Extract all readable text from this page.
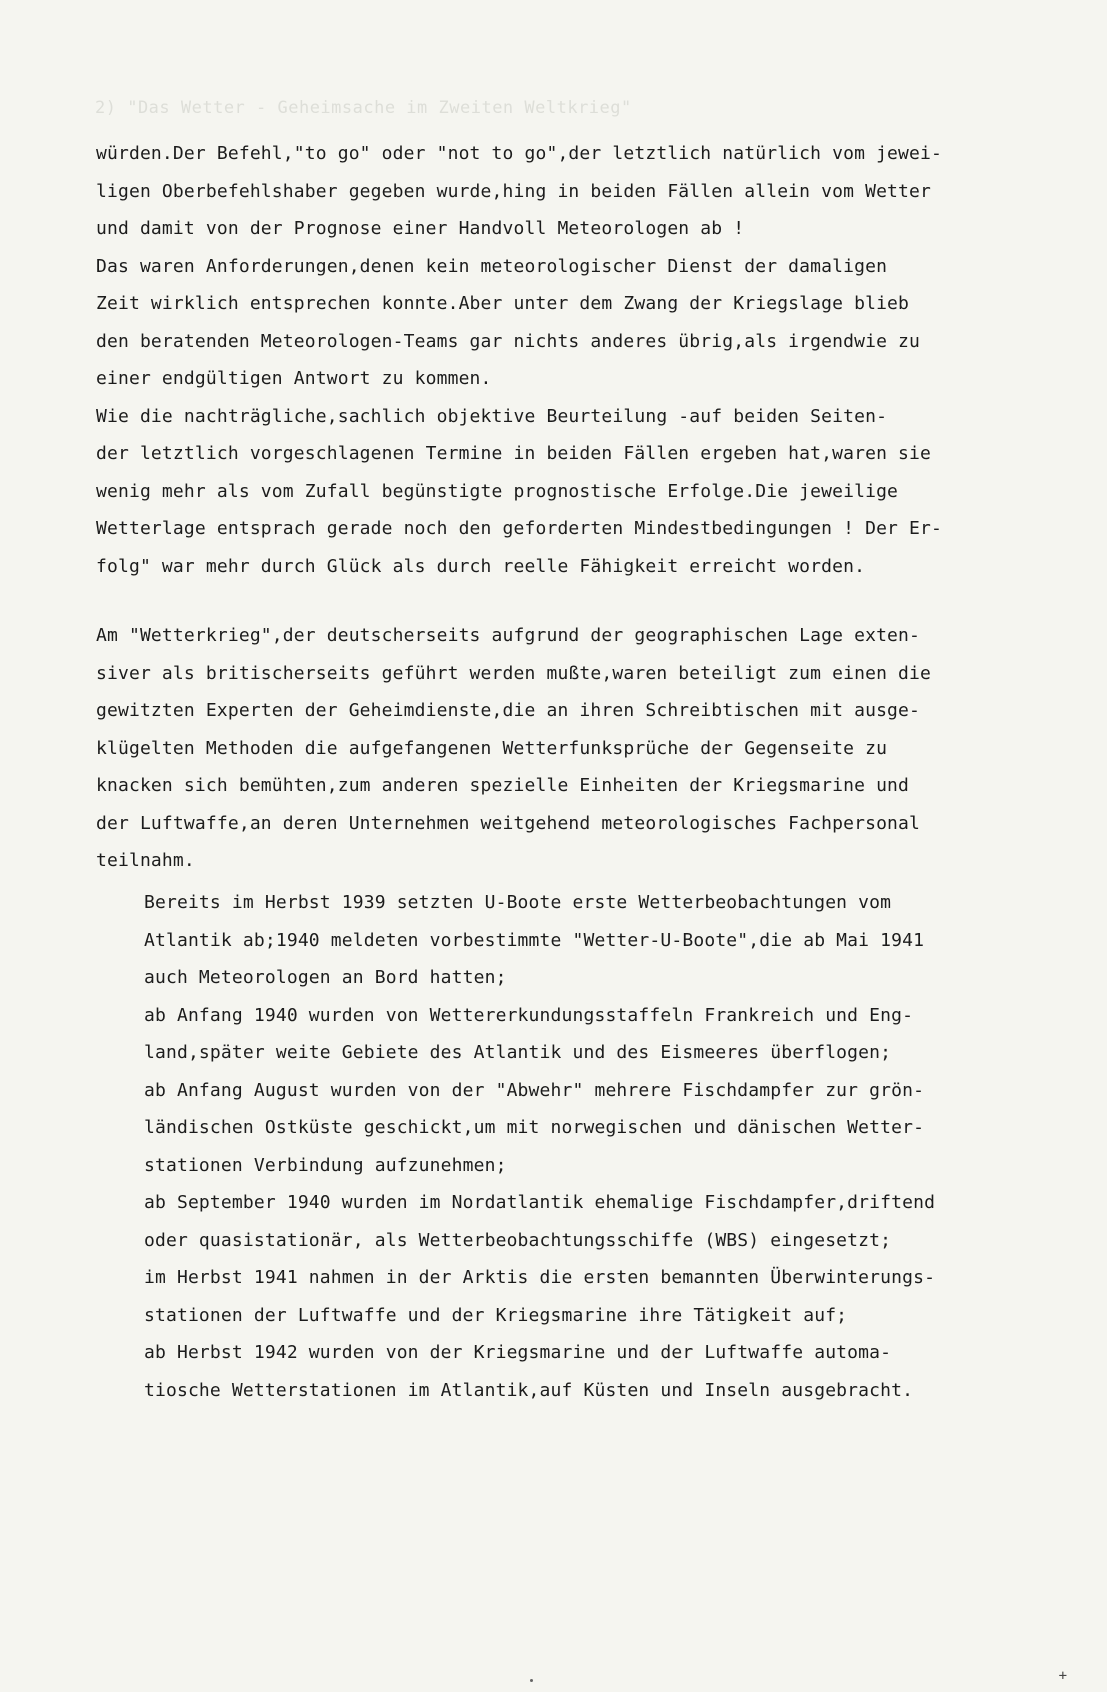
2) "Das Wetter - Geheimsache im Zweiten Weltkrieg"
würden.Der Befehl,"to go" oder "not to go",der letztlich natürlich vom jewei-
ligen Oberbefehlshaber gegeben wurde,hing in beiden Fällen allein vom Wetter
und damit von der Prognose einer Handvoll Meteorologen ab !
Das waren Anforderungen,denen kein meteorologischer Dienst der damaligen
Zeit wirklich entsprechen konnte.Aber unter dem Zwang der Kriegslage blieb
den beratenden Meteorologen-Teams gar nichts anderes übrig,als irgendwie zu
einer endgültigen Antwort zu kommen.
Wie die nachträgliche,sachlich objektive Beurteilung -auf beiden Seiten-
der letztlich vorgeschlagenen Termine in beiden Fällen ergeben hat,waren sie
wenig mehr als vom Zufall begünstigte prognostische Erfolge.Die jeweilige
Wetterlage entsprach gerade noch den geforderten Mindestbedingungen ! Der Er-
folg" war mehr durch Glück als durch reelle Fähigkeit erreicht worden.
Am "Wetterkrieg",der deutscherseits aufgrund der geographischen Lage exten-
siver als britischerseits geführt werden mußte,waren beteiligt zum einen die
gewitzten Experten der Geheimdienste,die an ihren Schreibtischen mit ausge-
klügelten Methoden die aufgefangenen Wetterfunksprüche der Gegenseite zu
knacken sich bemühten,zum anderen spezielle Einheiten der Kriegsmarine und
der Luftwaffe,an deren Unternehmen weitgehend meteorologisches Fachpersonal
teilnahm.
Bereits im Herbst 1939 setzten U-Boote erste Wetterbeobachtungen vom
Atlantik ab;1940 meldeten vorbestimmte "Wetter-U-Boote",die ab Mai 1941
auch Meteorologen an Bord hatten;
ab Anfang 1940 wurden von Wettererkundungsstaffeln Frankreich und Eng-
land,später weite Gebiete des Atlantik und des Eismeeres überflogen;
ab Anfang August wurden von der "Abwehr" mehrere Fischdampfer zur grön-
ländischen Ostküste geschickt,um mit norwegischen und dänischen Wetter-
stationen Verbindung aufzunehmen;
ab September 1940 wurden im Nordatlantik ehemalige Fischdampfer,driftend
oder quasistationär, als Wetterbeobachtungsschiffe (WBS) eingesetzt;
im Herbst 1941 nahmen in der Arktis die ersten bemannten Überwinterungs-
stationen der Luftwaffe und der Kriegsmarine ihre Tätigkeit auf;
ab Herbst 1942 wurden von der Kriegsmarine und der Luftwaffe automa-
tiosche Wetterstationen im Atlantik,auf Küsten und Inseln ausgebracht.
+
